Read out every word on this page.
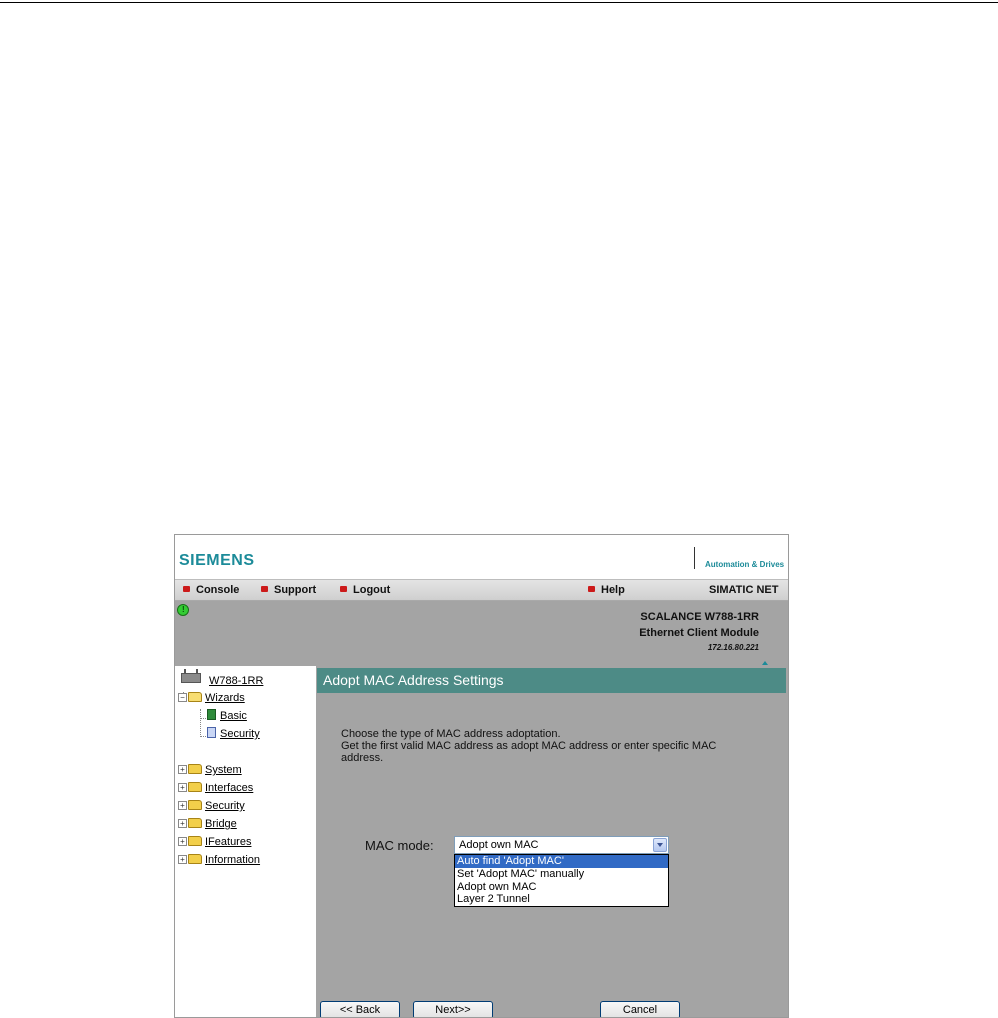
SIEMENS	Automation & Drives
Console	Support	Logout	Help	SIMATIC NET
!
SCALANCE W788-1RR
Ethernet Client Module
172.16.80.221
W788-1RR
− Wizards
Basic
Security
+ System
+ Interfaces
+ Security
+ Bridge
+ IFeatures
+ Information
Adopt MAC Address Settings
Choose the type of MAC address adoptation.
Get the first valid MAC address as adopt MAC address or enter specific MAC
address.
MAC mode:	Adopt own MAC
Auto find 'Adopt MAC'
Set 'Adopt MAC' manually
Adopt own MAC
Layer 2 Tunnel
<< Back	Next>>	Cancel
